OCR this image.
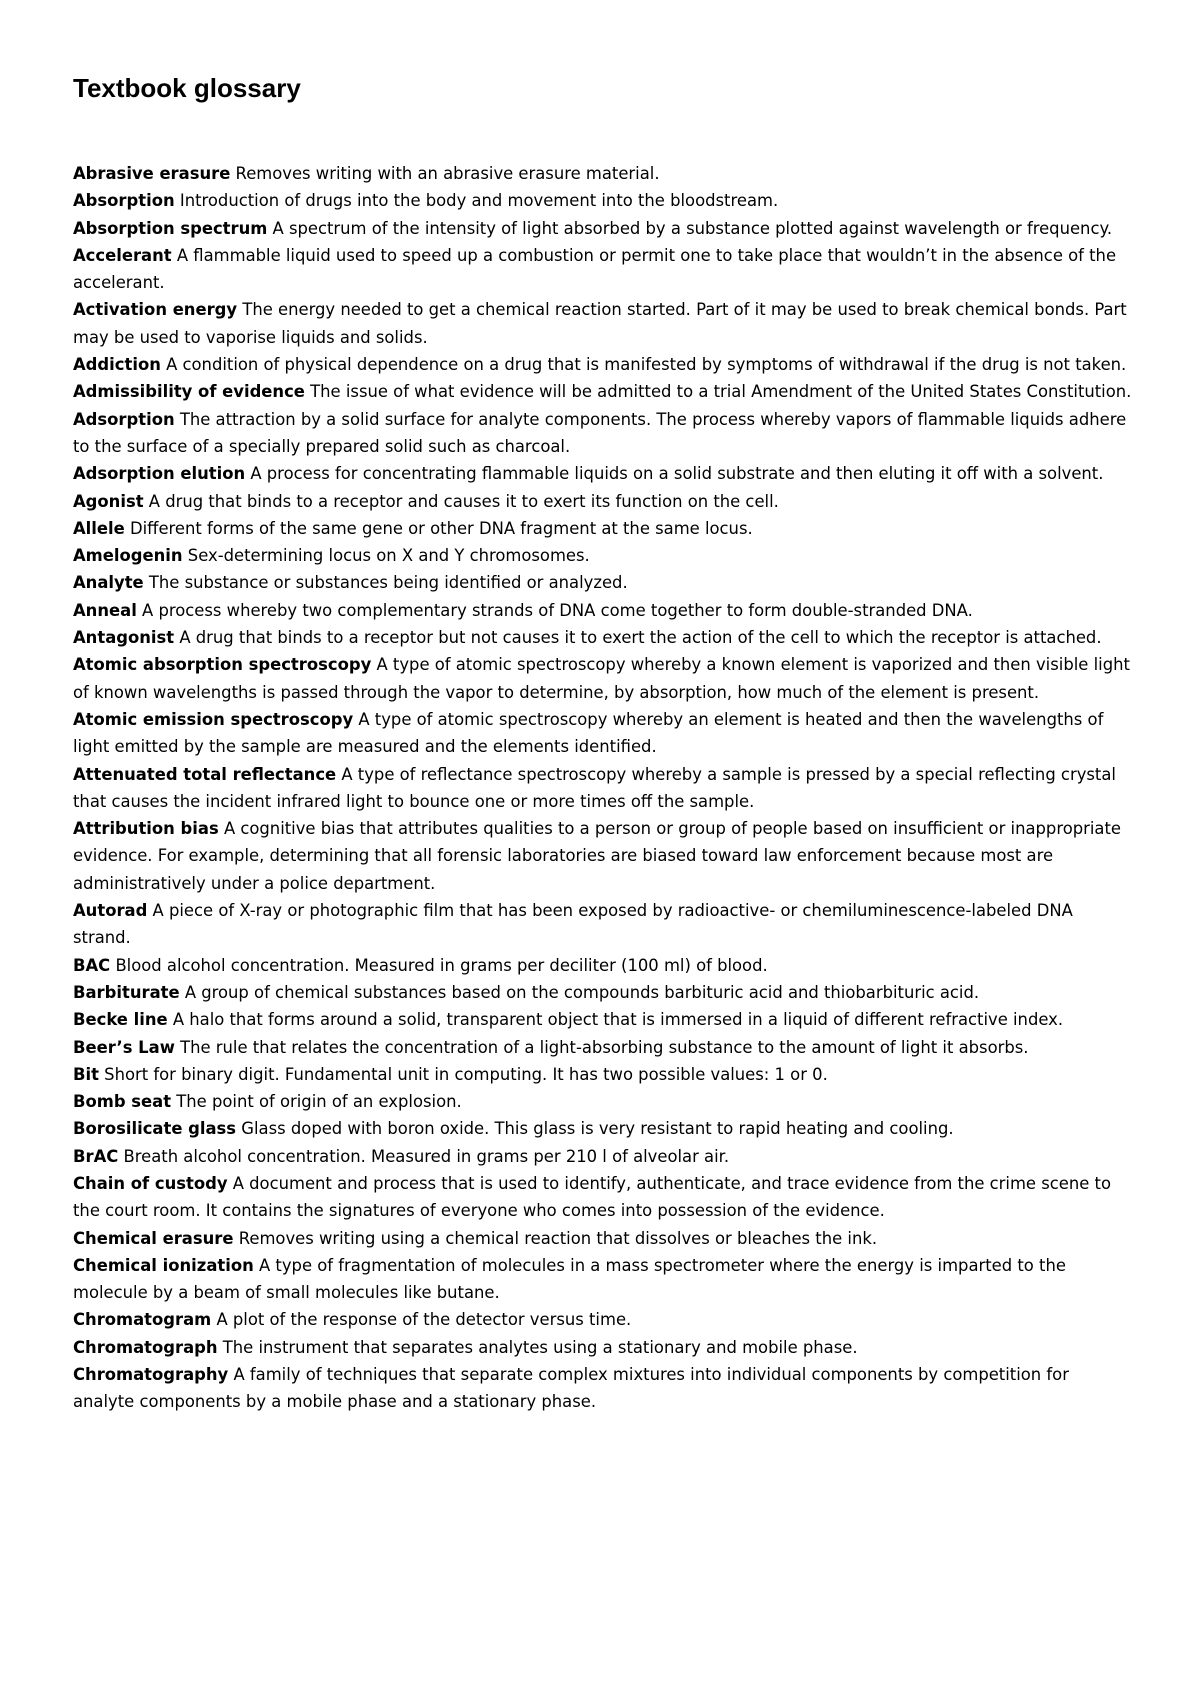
Textbook glossary
Abrasive erasure Removes writing with an abrasive erasure material.
Absorption Introduction of drugs into the body and movement into the bloodstream.
Absorption spectrum A spectrum of the intensity of light absorbed by a substance plotted against wavelength or frequency.
Accelerant A flammable liquid used to speed up a combustion or permit one to take place that wouldn’t in the absence of the accelerant.
Activation energy The energy needed to get a chemical reaction started. Part of it may be used to break chemical bonds. Part may be used to vaporise liquids and solids.
Addiction A condition of physical dependence on a drug that is manifested by symptoms of withdrawal if the drug is not taken.
Admissibility of evidence The issue of what evidence will be admitted to a trial Amendment of the United States Constitution.
Adsorption The attraction by a solid surface for analyte components. The process whereby vapors of flammable liquids adhere to the surface of a specially prepared solid such as charcoal.
Adsorption elution A process for concentrating flammable liquids on a solid substrate and then eluting it off with a solvent.
Agonist A drug that binds to a receptor and causes it to exert its function on the cell.
Allele Different forms of the same gene or other DNA fragment at the same locus.
Amelogenin Sex-determining locus on X and Y chromosomes.
Analyte The substance or substances being identified or analyzed.
Anneal A process whereby two complementary strands of DNA come together to form double-stranded DNA.
Antagonist A drug that binds to a receptor but not causes it to exert the action of the cell to which the receptor is attached.
Atomic absorption spectroscopy A type of atomic spectroscopy whereby a known element is vaporized and then visible light of known wavelengths is passed through the vapor to determine, by absorption, how much of the element is present.
Atomic emission spectroscopy A type of atomic spectroscopy whereby an element is heated and then the wavelengths of light emitted by the sample are measured and the elements identified.
Attenuated total reflectance A type of reflectance spectroscopy whereby a sample is pressed by a special reflecting crystal that causes the incident infrared light to bounce one or more times off the sample.
Attribution bias A cognitive bias that attributes qualities to a person or group of people based on insufficient or inappropriate evidence. For example, determining that all forensic laboratories are biased toward law enforcement because most are administratively under a police department.
Autorad A piece of X-ray or photographic film that has been exposed by radioactive- or chemiluminescence-labeled DNA strand.
BAC Blood alcohol concentration. Measured in grams per deciliter (100 ml) of blood.
Barbiturate A group of chemical substances based on the compounds barbituric acid and thiobarbituric acid.
Becke line A halo that forms around a solid, transparent object that is immersed in a liquid of different refractive index.
Beer’s Law The rule that relates the concentration of a light-absorbing substance to the amount of light it absorbs.
Bit Short for binary digit. Fundamental unit in computing. It has two possible values: 1 or 0.
Bomb seat The point of origin of an explosion.
Borosilicate glass Glass doped with boron oxide. This glass is very resistant to rapid heating and cooling.
BrAC Breath alcohol concentration. Measured in grams per 210 l of alveolar air.
Chain of custody A document and process that is used to identify, authenticate, and trace evidence from the crime scene to the court room. It contains the signatures of everyone who comes into possession of the evidence.
Chemical erasure Removes writing using a chemical reaction that dissolves or bleaches the ink.
Chemical ionization A type of fragmentation of molecules in a mass spectrometer where the energy is imparted to the molecule by a beam of small molecules like butane.
Chromatogram A plot of the response of the detector versus time.
Chromatograph The instrument that separates analytes using a stationary and mobile phase.
Chromatography A family of techniques that separate complex mixtures into individual components by competition for analyte components by a mobile phase and a stationary phase.
